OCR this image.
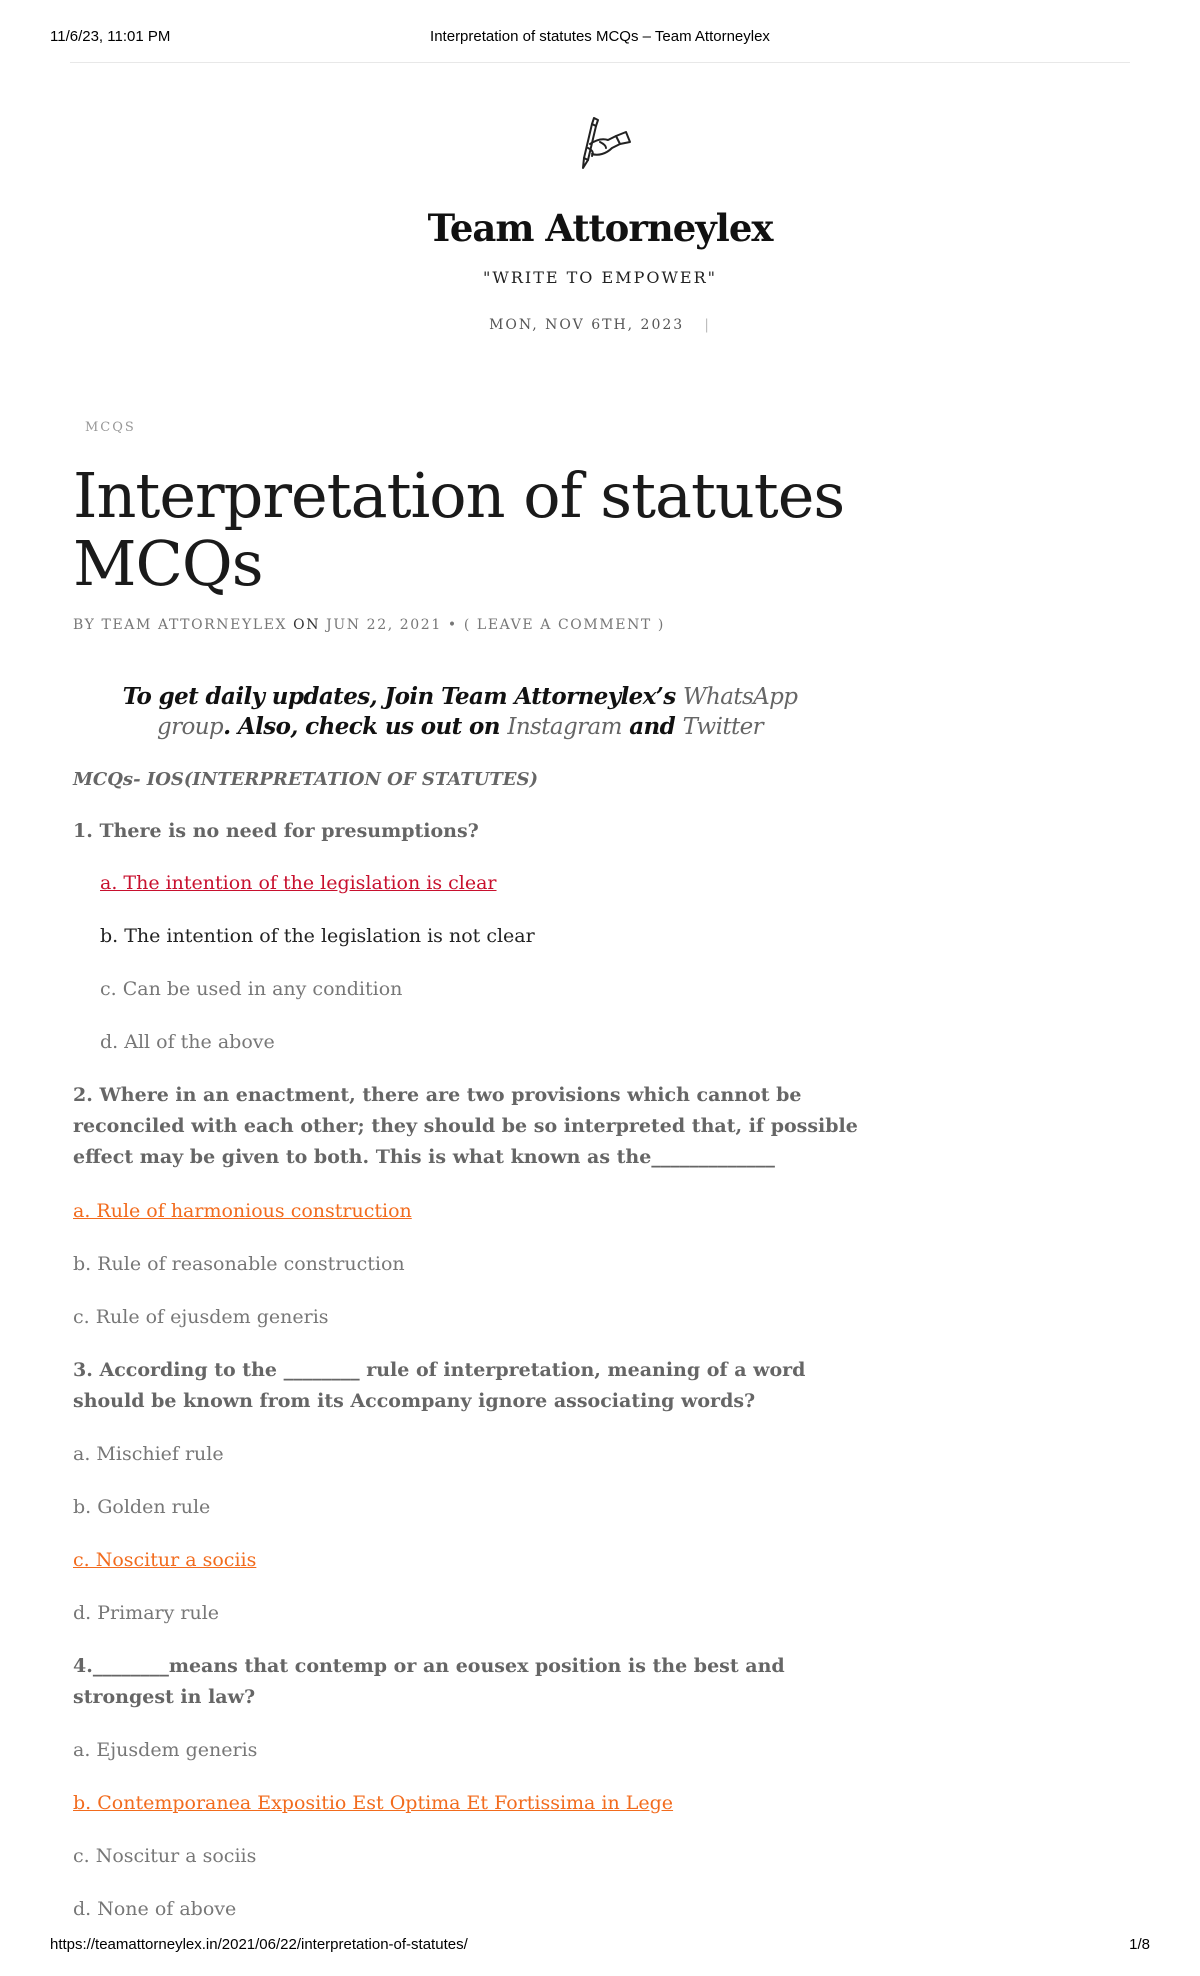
11/6/23, 11:01 PM	Interpretation of statutes MCQs – Team Attorneylex
Team Attorneylex
"WRITE TO EMPOWER"
MON, NOV 6TH, 2023 |
MCQS
Interpretation of statutes MCQs
BY TEAM ATTORNEYLEX ON JUN 22, 2021 • ( LEAVE A COMMENT )
To get daily updates, Join Team Attorneylex’s WhatsApp group. Also, check us out on Instagram and Twitter
MCQs- IOS(INTERPRETATION OF STATUTES)
1. There is no need for presumptions?
a. The intention of the legislation is clear
b. The intention of the legislation is not clear
c. Can be used in any condition
d. All of the above
2. Where in an enactment, there are two provisions which cannot be reconciled with each other; they should be so interpreted that, if possible effect may be given to both. This is what known as the_____________
a. Rule of harmonious construction
b. Rule of reasonable construction
c. Rule of ejusdem generis
3. According to the ________ rule of interpretation, meaning of a word should be known from its Accompany ignore associating words?
a. Mischief rule
b. Golden rule
c. Noscitur a sociis
d. Primary rule
4.________means that contemp or an eousex position is the best and strongest in law?
a. Ejusdem generis
b. Contemporanea Expositio Est Optima Et Fortissima in Lege
c. Noscitur a sociis
d. None of above
https://teamattorneylex.in/2021/06/22/interpretation-of-statutes/	1/8
